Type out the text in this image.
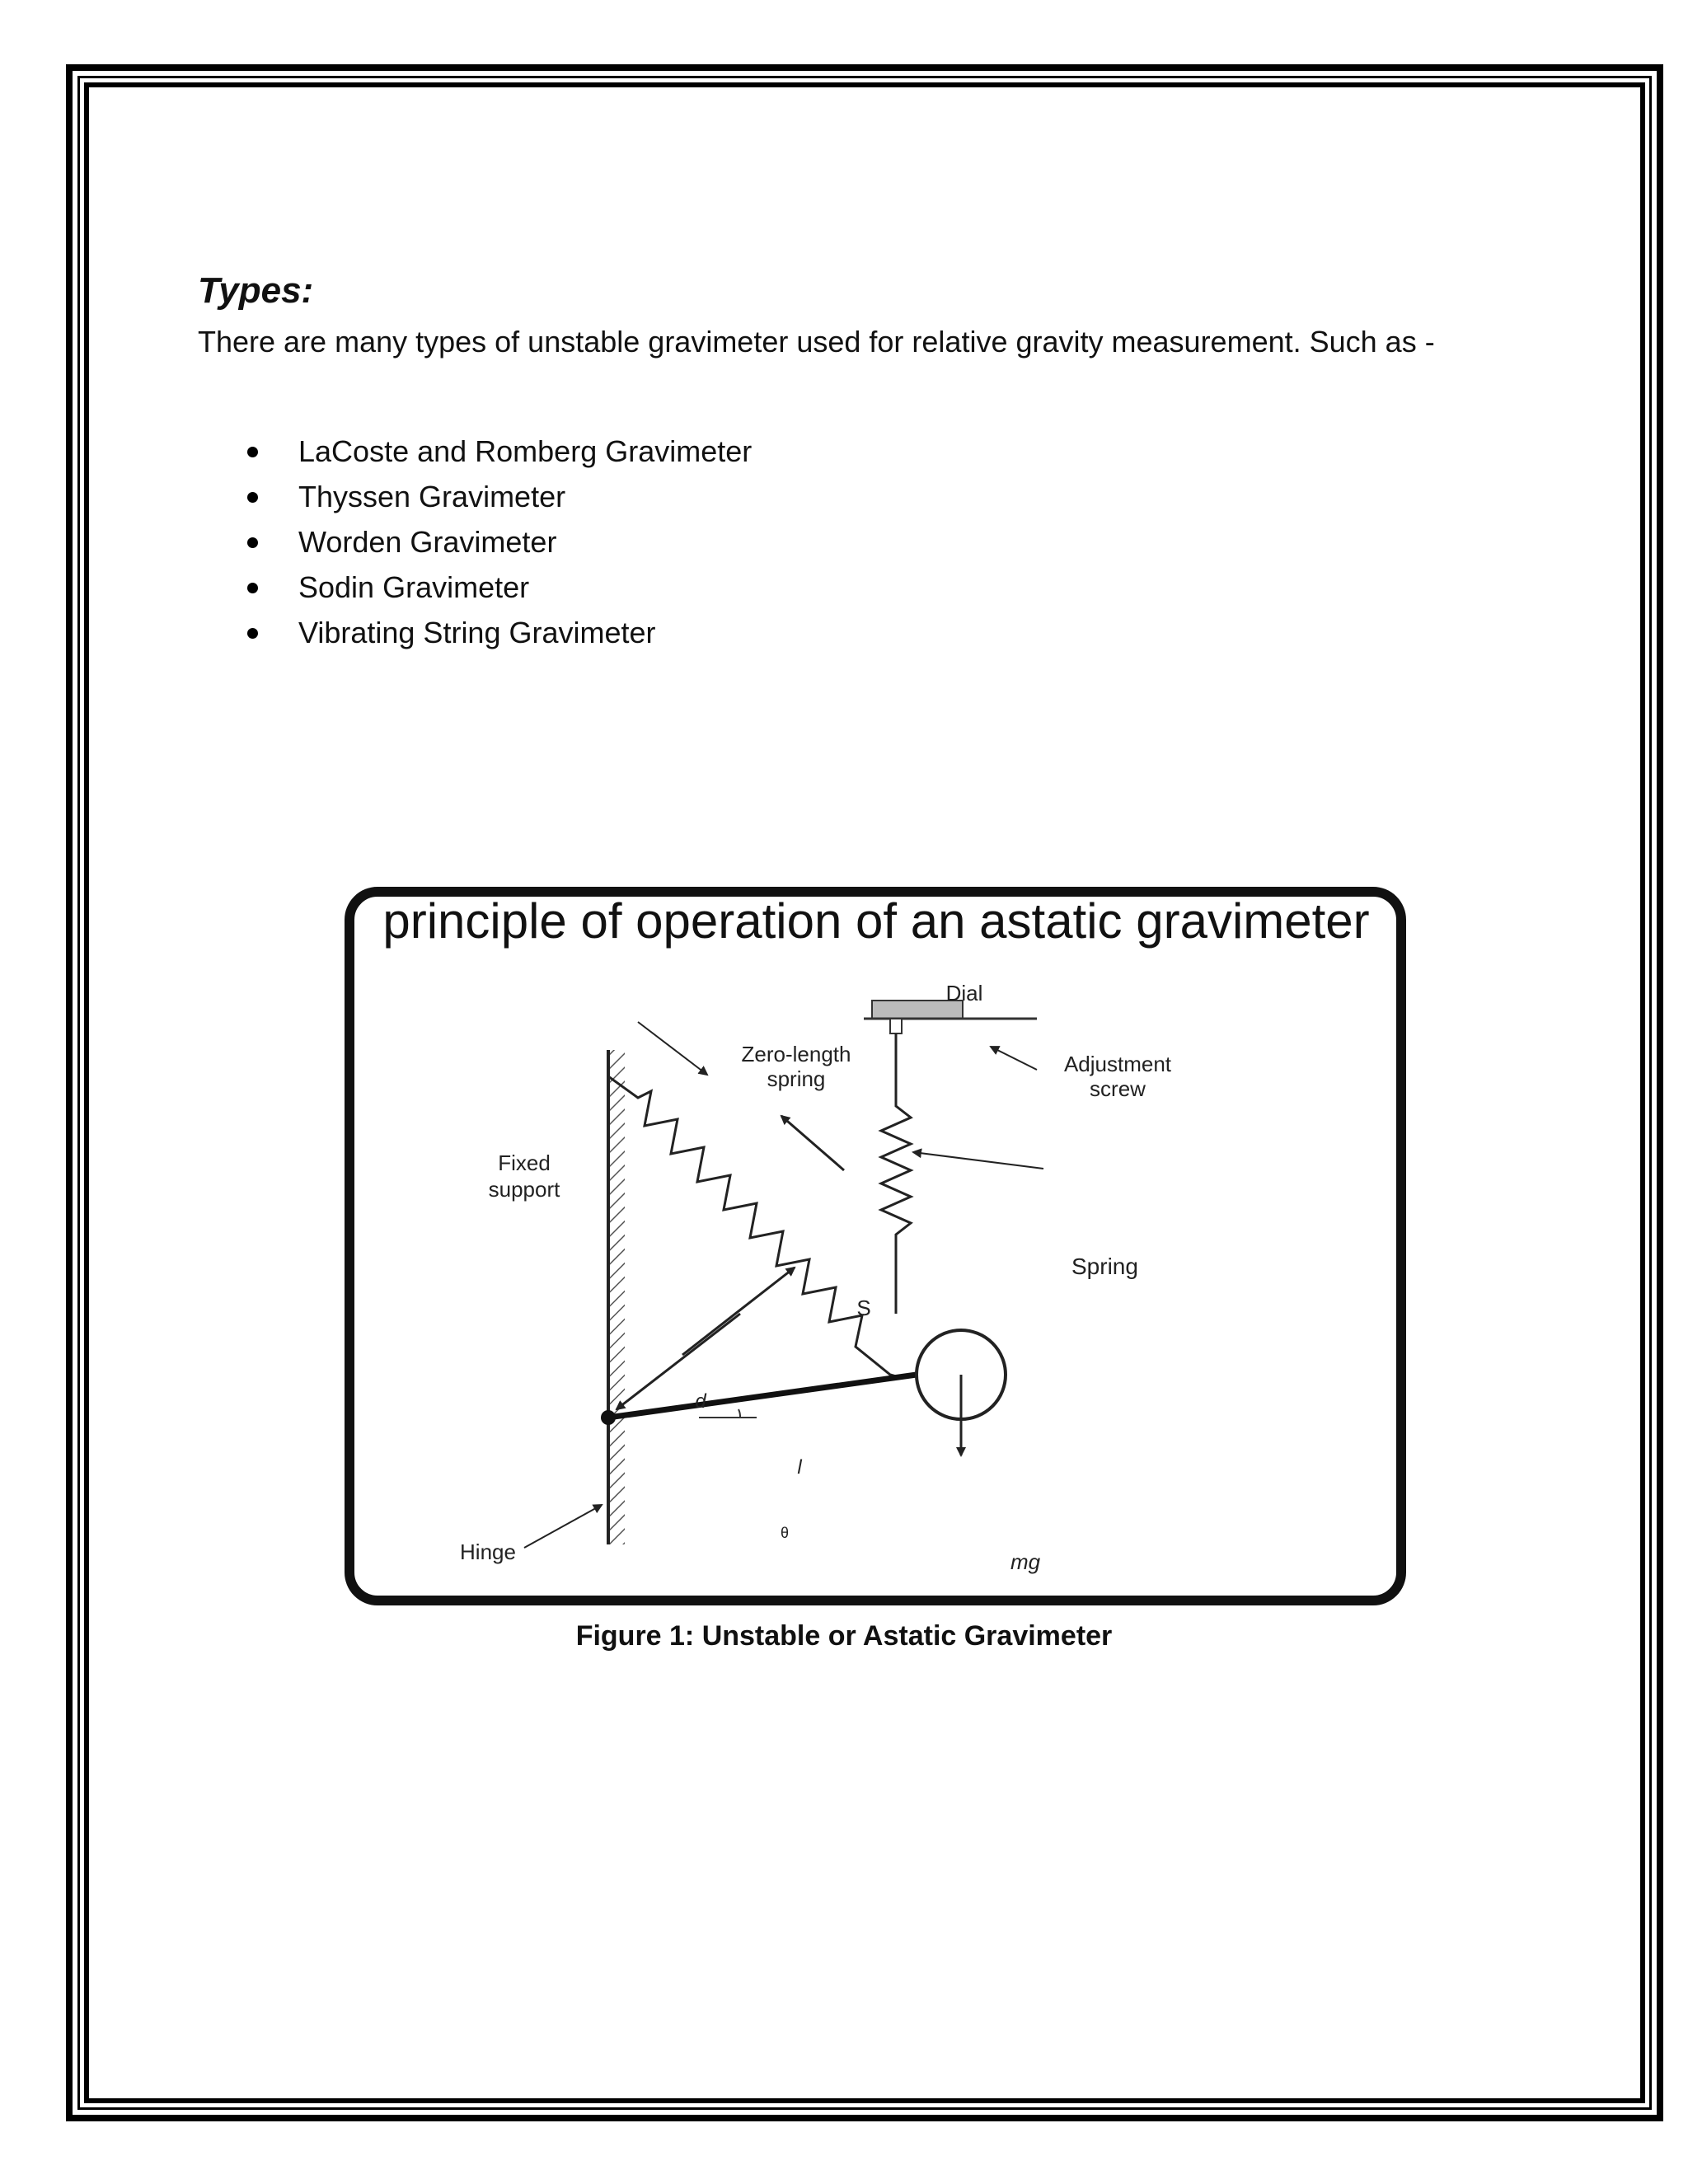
Types:

There are many types of unstable gravimeter used for relative gravity measurement. Such as -

LaCoste and Romberg Gravimeter
Thyssen Gravimeter
Worden Gravimeter
Sodin Gravimeter
Vibrating String Gravimeter
principle of operation of an astatic gravimeter
Dial
Zero-length
spring
Adjustment
screw
Fixed
support
Spring
S
d
l
θ
Hinge	mg

Figure 1: Unstable or Astatic Gravimeter
